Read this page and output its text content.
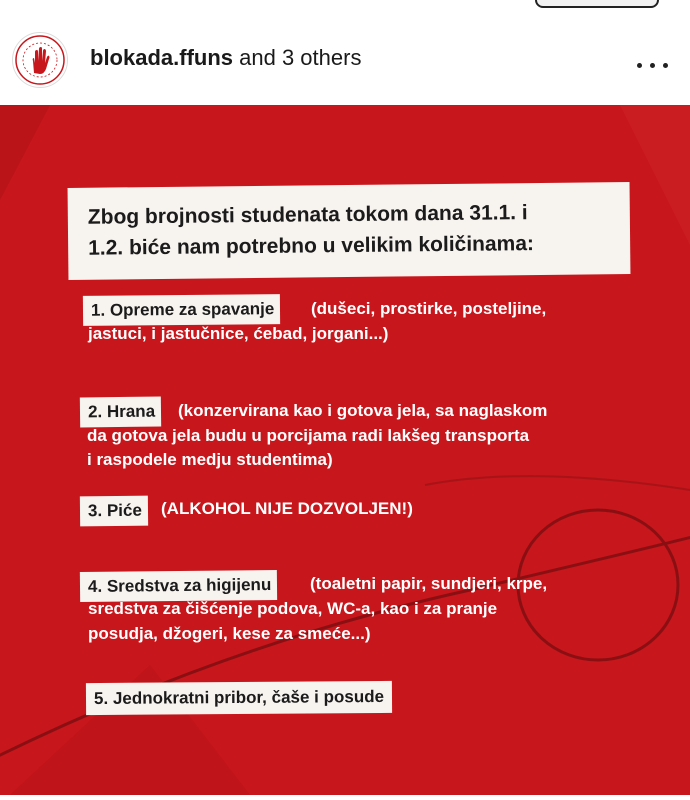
blokada.ffuns and 3 others
Zbog brojnosti studenata tokom dana 31.1. i
1.2. biće nam potrebno u velikim količinama:
1. Opreme za spavanje	(dušeci, prostirke, posteljine,
jastuci, i jastučnice, ćebad, jorgani...)
2. Hrana	(konzervirana kao i gotova jela, sa naglaskom
da gotova jela budu u porcijama radi lakšeg transporta
i raspodele medju studentima)
3. Piće	(ALKOHOL NIJE DOZVOLJEN!)
4. Sredstva za higijenu	(toaletni papir, sundjeri, krpe,
sredstva za čišćenje podova, WC-a, kao i za pranje
posudja, džogeri, kese za smeće...)
5. Jednokratni pribor, čaše i posude
